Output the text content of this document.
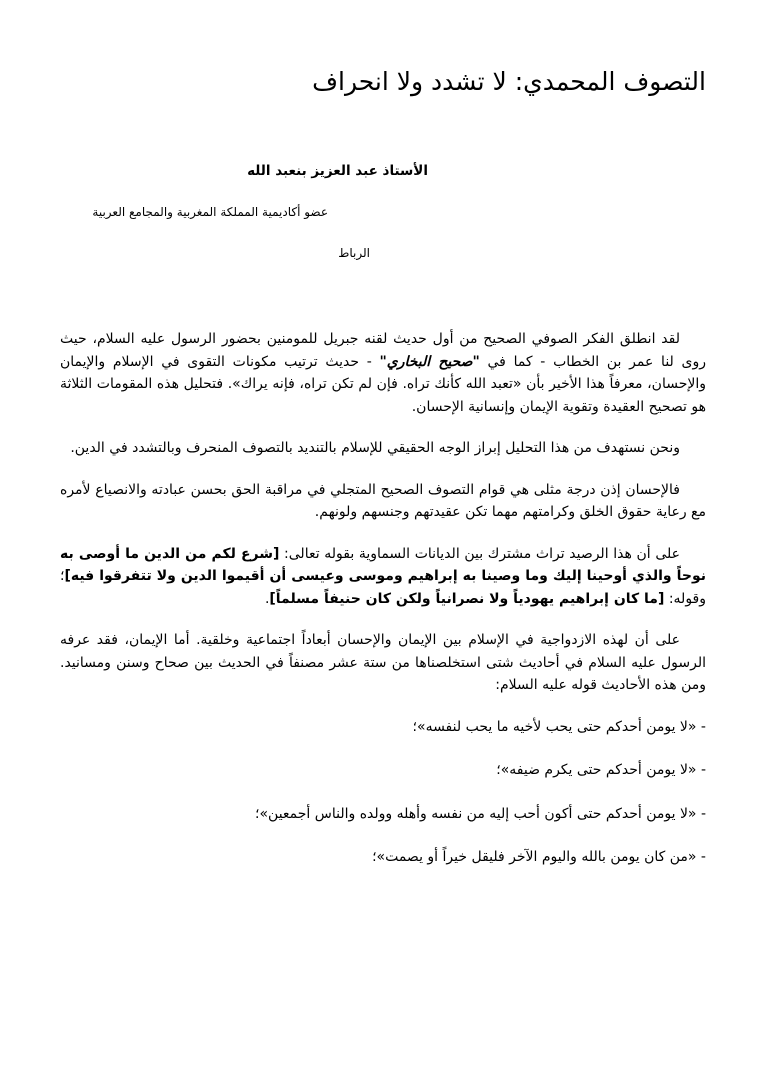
التصوف المحمدي: لا تشدد ولا انحراف

الأستاذ عبد العزيز بنعبد الله

عضو أكاديمية المملكة المغربية والمجامع العربية

الرباط

لقد انطلق الفكر الصوفي الصحيح من أول حديث لقنه جبريل للمومنين بحضور الرسول عليه السلام، حيث روى لنا عمر بن الخطاب - كما في "صحيح البخاري" - حديث ترتيب مكونات التقوى في الإسلام والإيمان والإحسان، معرفاً هذا الأخير بأن «تعبد الله كأنك تراه. فإن لم تكن تراه، فإنه يراك». فتحليل هذه المقومات الثلاثة هو تصحيح العقيدة وتقوية الإيمان وإنسانية الإحسان.

ونحن نستهدف من هذا التحليل إبراز الوجه الحقيقي للإسلام بالتنديد بالتصوف المنحرف وبالتشدد في الدين.

فالإحسان إذن درجة مثلى هي قوام التصوف الصحيح المتجلي في مراقبة الحق بحسن عبادته والانصياع لأمره مع رعاية حقوق الخلق وكرامتهم مهما تكن عقيدتهم وجنسهم ولونهم.

على أن هذا الرصيد تراث مشترك بين الديانات السماوية بقوله تعالى: [شرع لكم من الدين ما أوصى به نوحاً والذي أوحينا إليك وما وصينا به إبراهيم وموسى وعيسى أن أقيموا الدين ولا تتفرقوا فيه]؛ وقوله: [ما كان إبراهيم يهودياً ولا نصرانياً ولكن كان حنيفاً مسلماً].

على أن لهذه الازدواجية في الإسلام بين الإيمان والإحسان أبعاداً اجتماعية وخلقية. أما الإيمان، فقد عرفه الرسول عليه السلام في أحاديث شتى استخلصناها من ستة عشر مصنفاً في الحديث بين صحاح وسنن ومسانيد. ومن هذه الأحاديث قوله عليه السلام:

- «لا يومن أحدكم حتى يحب لأخيه ما يحب لنفسه»؛

- «لا يومن أحدكم حتى يكرم ضيفه»؛

- «لا يومن أحدكم حتى أكون أحب إليه من نفسه وأهله وولده والناس أجمعين»؛

- «من كان يومن بالله واليوم الآخر فليقل خيراً أو يصمت»؛
